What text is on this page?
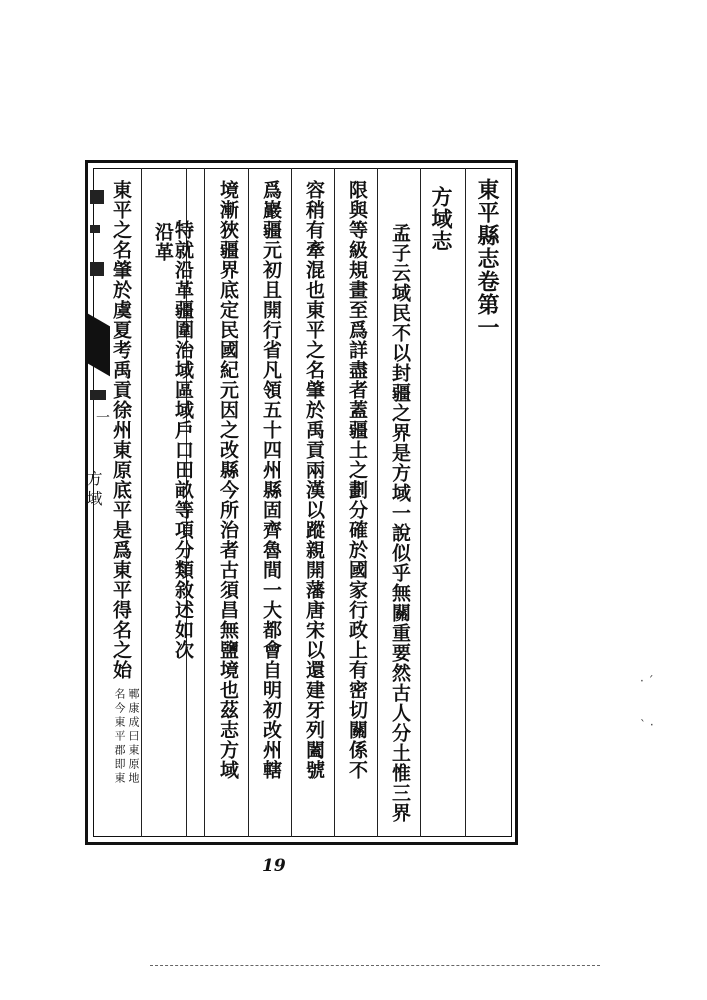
東平縣志卷第一
方域志
孟子云域民不以封疆之界是方域一說似乎無關重要然古人分土惟三界
限與等級規畫至爲詳盡者蓋疆土之劃分確於國家行政上有密切關係不
容稍有牽混也東平之名肇於禹貢兩漢以蹤親開藩唐宋以還建牙列闔號
爲巖疆元初且開行省凡領五十四州縣固齊魯間一大都會自明初改州轄
境漸狹疆界底定民國紀元因之改縣今所治者古須昌無鹽境也茲志方域
特就沿革疆圍治域區域戶口田畝等項分類敘述如次
沿革
東平之名肇於虞夏考禹貢徐州東原底平是爲東平得名之始
鄆康成曰東原地
名今東平郡即東
一
方域
19
‧ ˊ

ˋ ‧
